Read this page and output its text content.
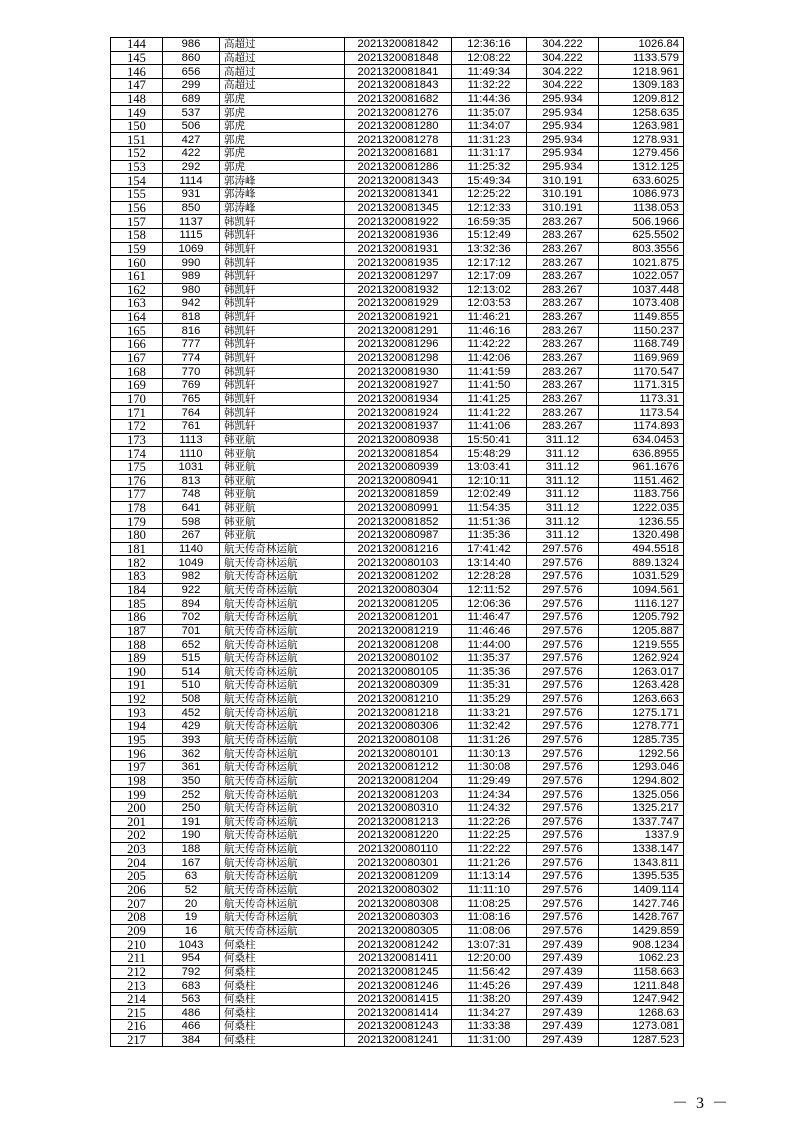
144	986	高超过	2021320081842	12:36:16	304.222	1026.84
145	860	高超过	2021320081848	12:08:22	304.222	1133.579
146	656	高超过	2021320081841	11:49:34	304.222	1218.961
147	299	高超过	2021320081843	11:32:22	304.222	1309.183
148	689	郭虎	2021320081682	11:44:36	295.934	1209.812
149	537	郭虎	2021320081276	11:35:07	295.934	1258.635
150	506	郭虎	2021320081280	11:34:07	295.934	1263.981
151	427	郭虎	2021320081278	11:31:23	295.934	1278.931
152	422	郭虎	2021320081681	11:31:17	295.934	1279.456
153	292	郭虎	2021320081286	11:25:32	295.934	1312.125
154	1114	郭涛峰	2021320081343	15:49:34	310.191	633.6025
155	931	郭涛峰	2021320081341	12:25:22	310.191	1086.973
156	850	郭涛峰	2021320081345	12:12:33	310.191	1138.053
157	1137	韩凯轩	2021320081922	16:59:35	283.267	506.1966
158	1115	韩凯轩	2021320081936	15:12:49	283.267	625.5502
159	1069	韩凯轩	2021320081931	13:32:36	283.267	803.3556
160	990	韩凯轩	2021320081935	12:17:12	283.267	1021.875
161	989	韩凯轩	2021320081297	12:17:09	283.267	1022.057
162	980	韩凯轩	2021320081932	12:13:02	283.267	1037.448
163	942	韩凯轩	2021320081929	12:03:53	283.267	1073.408
164	818	韩凯轩	2021320081921	11:46:21	283.267	1149.855
165	816	韩凯轩	2021320081291	11:46:16	283.267	1150.237
166	777	韩凯轩	2021320081296	11:42:22	283.267	1168.749
167	774	韩凯轩	2021320081298	11:42:06	283.267	1169.969
168	770	韩凯轩	2021320081930	11:41:59	283.267	1170.547
169	769	韩凯轩	2021320081927	11:41:50	283.267	1171.315
170	765	韩凯轩	2021320081934	11:41:25	283.267	1173.31
171	764	韩凯轩	2021320081924	11:41:22	283.267	1173.54
172	761	韩凯轩	2021320081937	11:41:06	283.267	1174.893
173	1113	韩亚航	2021320080938	15:50:41	311.12	634.0453
174	1110	韩亚航	2021320081854	15:48:29	311.12	636.8955
175	1031	韩亚航	2021320080939	13:03:41	311.12	961.1676
176	813	韩亚航	2021320080941	12:10:11	311.12	1151.462
177	748	韩亚航	2021320081859	12:02:49	311.12	1183.756
178	641	韩亚航	2021320080991	11:54:35	311.12	1222.035
179	598	韩亚航	2021320081852	11:51:36	311.12	1236.55
180	267	韩亚航	2021320080987	11:35:36	311.12	1320.498
181	1140	航天传奇林运航	2021320081216	17:41:42	297.576	494.5518
182	1049	航天传奇林运航	2021320080103	13:14:40	297.576	889.1324
183	982	航天传奇林运航	2021320081202	12:28:28	297.576	1031.529
184	922	航天传奇林运航	2021320080304	12:11:52	297.576	1094.561
185	894	航天传奇林运航	2021320081205	12:06:36	297.576	1116.127
186	702	航天传奇林运航	2021320081201	11:46:47	297.576	1205.792
187	701	航天传奇林运航	2021320081219	11:46:46	297.576	1205.887
188	652	航天传奇林运航	2021320081208	11:44:00	297.576	1219.555
189	515	航天传奇林运航	2021320080102	11:35:37	297.576	1262.924
190	514	航天传奇林运航	2021320080105	11:35:36	297.576	1263.017
191	510	航天传奇林运航	2021320080309	11:35:31	297.576	1263.428
192	508	航天传奇林运航	2021320081210	11:35:29	297.576	1263.663
193	452	航天传奇林运航	2021320081218	11:33:21	297.576	1275.171
194	429	航天传奇林运航	2021320080306	11:32:42	297.576	1278.771
195	393	航天传奇林运航	2021320080108	11:31:26	297.576	1285.735
196	362	航天传奇林运航	2021320080101	11:30:13	297.576	1292.56
197	361	航天传奇林运航	2021320081212	11:30:08	297.576	1293.046
198	350	航天传奇林运航	2021320081204	11:29:49	297.576	1294.802
199	252	航天传奇林运航	2021320081203	11:24:34	297.576	1325.056
200	250	航天传奇林运航	2021320080310	11:24:32	297.576	1325.217
201	191	航天传奇林运航	2021320081213	11:22:26	297.576	1337.747
202	190	航天传奇林运航	2021320081220	11:22:25	297.576	1337.9
203	188	航天传奇林运航	2021320080110	11:22:22	297.576	1338.147
204	167	航天传奇林运航	2021320080301	11:21:26	297.576	1343.811
205	63	航天传奇林运航	2021320081209	11:13:14	297.576	1395.535
206	52	航天传奇林运航	2021320080302	11:11:10	297.576	1409.114
207	20	航天传奇林运航	2021320080308	11:08:25	297.576	1427.746
208	19	航天传奇林运航	2021320080303	11:08:16	297.576	1428.767
209	16	航天传奇林运航	2021320080305	11:08:06	297.576	1429.859
210	1043	何桑柱	2021320081242	13:07:31	297.439	908.1234
211	954	何桑柱	2021320081411	12:20:00	297.439	1062.23
212	792	何桑柱	2021320081245	11:56:42	297.439	1158.663
213	683	何桑柱	2021320081246	11:45:26	297.439	1211.848
214	563	何桑柱	2021320081415	11:38:20	297.439	1247.942
215	486	何桑柱	2021320081414	11:34:27	297.439	1268.63
216	466	何桑柱	2021320081243	11:33:38	297.439	1273.081
217	384	何桑柱	2021320081241	11:31:00	297.439	1287.523
－ 3 －
